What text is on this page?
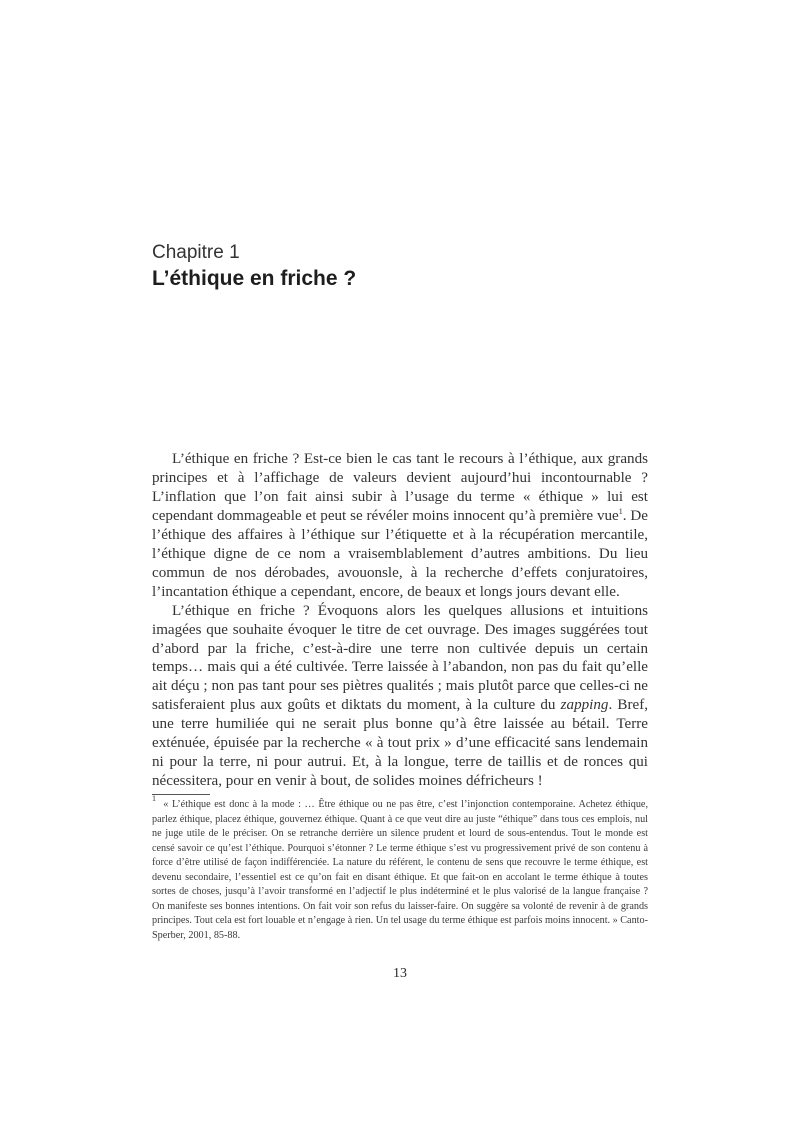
Chapitre 1
L’éthique en friche ?

L’éthique en friche ? Est-ce bien le cas tant le recours à l’éthique, aux grands principes et à l’affichage de valeurs devient aujourd’hui incontournable ? L’inflation que l’on fait ainsi subir à l’usage du terme « éthique » lui est cependant dommageable et peut se révéler moins innocent qu’à première vue$^1$. De l’éthique des affaires à l’éthique sur l’étiquette et à la récupération mercantile, l’éthique digne de ce nom a vraisemblablement d’autres ambitions. Du lieu commun de nos dérobades, avouonsle, à la recherche d’effets conjuratoires, l’incantation éthique a cependant, encore, de beaux et longs jours devant elle.

L’éthique en friche ? Évoquons alors les quelques allusions et intuitions imagées que souhaite évoquer le titre de cet ouvrage. Des images suggérées tout d’abord par la friche, c’est-à-dire une terre non cultivée depuis un certain temps… mais qui a été cultivée. Terre laissée à l’abandon, non pas du fait qu’elle ait déçu ; non pas tant pour ses piètres qualités ; mais plutôt parce que celles-ci ne satisferaient plus aux goûts et diktats du moment, à la culture du zapping. Bref, une terre humiliée qui ne serait plus bonne qu’à être laissée au bétail. Terre exténuée, épuisée par la recherche « à tout prix » d’une efficacité sans lendemain ni pour la terre, ni pour autrui. Et, à la longue, terre de taillis et de ronces qui nécessitera, pour en venir à bout, de solides moines défricheurs !

$^1$  « L’éthique est donc à la mode : … Être éthique ou ne pas être, c’est l’injonction contemporaine. Achetez éthique, parlez éthique, placez éthique, gouvernez éthique. Quant à ce que veut dire au juste “éthique” dans tous ces emplois, nul ne juge utile de le préciser. On se retranche derrière un silence prudent et lourd de sous-entendus. Tout le monde est censé savoir ce qu’est l’éthique. Pourquoi s’étonner ? Le terme éthique s’est vu progressivement privé de son contenu à force d’être utilisé de façon indifférenciée. La nature du référent, le contenu de sens que recouvre le terme éthique, est devenu secondaire, l’essentiel est ce qu’on fait en disant éthique. Et que fait-on en accolant le terme éthique à toutes sortes de choses, jusqu’à l’avoir transformé en l’adjectif le plus indéterminé et le plus valorisé de la langue française ? On manifeste ses bonnes intentions. On fait voir son refus du laisser-faire. On suggère sa volonté de revenir à de grands principes. Tout cela est fort louable et n’engage à rien. Un tel usage du terme éthique est parfois moins innocent. » Canto-Sperber, 2001, 85-88.

13
